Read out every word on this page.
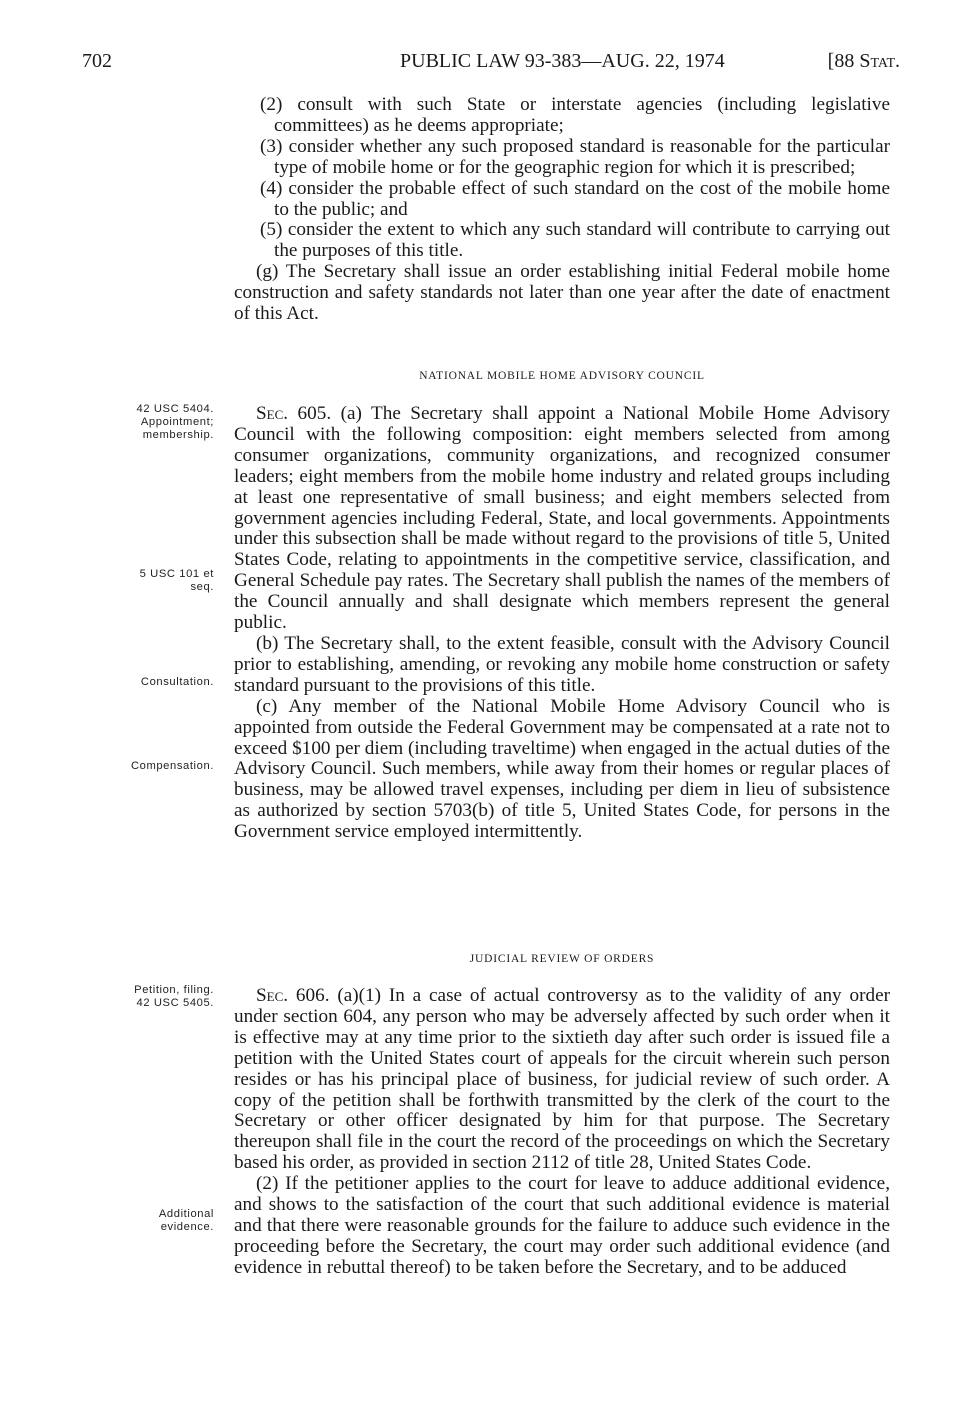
702	PUBLIC LAW 93-383—AUG. 22, 1974	[88 Stat.

(2) consult with such State or interstate agencies (including legislative committees) as he deems appropriate;

(3) consider whether any such proposed standard is reasonable for the particular type of mobile home or for the geographic region for which it is prescribed;

(4) consider the probable effect of such standard on the cost of the mobile home to the public; and

(5) consider the extent to which any such standard will contribute to carrying out the purposes of this title.

(g) The Secretary shall issue an order establishing initial Federal mobile home construction and safety standards not later than one year after the date of enactment of this Act.

NATIONAL MOBILE HOME ADVISORY COUNCIL

Sec. 605. (a) The Secretary shall appoint a National Mobile Home Advisory Council with the following composition: eight members selected from among consumer organizations, community organizations, and recognized consumer leaders; eight members from the mobile home industry and related groups including at least one representative of small business; and eight members selected from government agencies including Federal, State, and local governments. Appointments under this subsection shall be made without regard to the provisions of title 5, United States Code, relating to appointments in the competitive service, classification, and General Schedule pay rates. The Secretary shall publish the names of the members of the Council annually and shall designate which members represent the general public.

(b) The Secretary shall, to the extent feasible, consult with the Advisory Council prior to establishing, amending, or revoking any mobile home construction or safety standard pursuant to the provisions of this title.

(c) Any member of the National Mobile Home Advisory Council who is appointed from outside the Federal Government may be compensated at a rate not to exceed $100 per diem (including traveltime) when engaged in the actual duties of the Advisory Council. Such members, while away from their homes or regular places of business, may be allowed travel expenses, including per diem in lieu of subsistence as authorized by section 5703(b) of title 5, United States Code, for persons in the Government service employed intermittently.

JUDICIAL REVIEW OF ORDERS

Sec. 606. (a)(1) In a case of actual controversy as to the validity of any order under section 604, any person who may be adversely affected by such order when it is effective may at any time prior to the sixtieth day after such order is issued file a petition with the United States court of appeals for the circuit wherein such person resides or has his principal place of business, for judicial review of such order. A copy of the petition shall be forthwith transmitted by the clerk of the court to the Secretary or other officer designated by him for that purpose. The Secretary thereupon shall file in the court the record of the proceedings on which the Secretary based his order, as provided in section 2112 of title 28, United States Code.

(2) If the petitioner applies to the court for leave to adduce additional evidence, and shows to the satisfaction of the court that such additional evidence is material and that there were reasonable grounds for the failure to adduce such evidence in the proceeding before the Secretary, the court may order such additional evidence (and evidence in rebuttal thereof) to be taken before the Secretary, and to be adduced

42 USC 5404.
Appointment;
membership.
5 USC 101 et
seq.
Consultation.
Compensation.
Petition, filing.
42 USC 5405.
Additional
evidence.
